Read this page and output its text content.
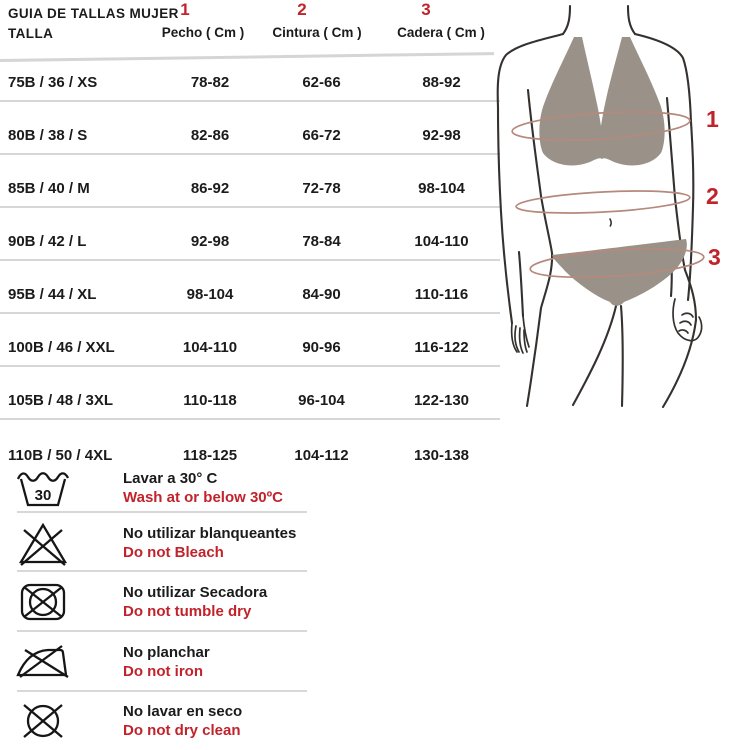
GUIA DE TALLAS MUJER
TALLA
1	2	3
Pecho ( Cm )	Cintura ( Cm )	Cadera ( Cm )
75B / 36 / XS	78-82	62-66	88-92
80B / 38 / S	82-86	66-72	92-98
85B / 40 / M	86-92	72-78	98-104
90B / 42 / L	92-98	78-84	104-110
95B / 44 / XL	98-104	84-90	110-116
100B / 46 / XXL	104-110	90-96	116-122
105B / 48 / 3XL	110-118	96-104	122-130
110B / 50 / 4XL	118-125	104-112	130-138
30
Lavar a 30° C
Wash at or below 30ºC
No utilizar blanqueantes
Do not Bleach
No utilizar Secadora
Do not tumble dry
No planchar
Do not iron
No lavar en seco
Do not dry clean
1
2
3
